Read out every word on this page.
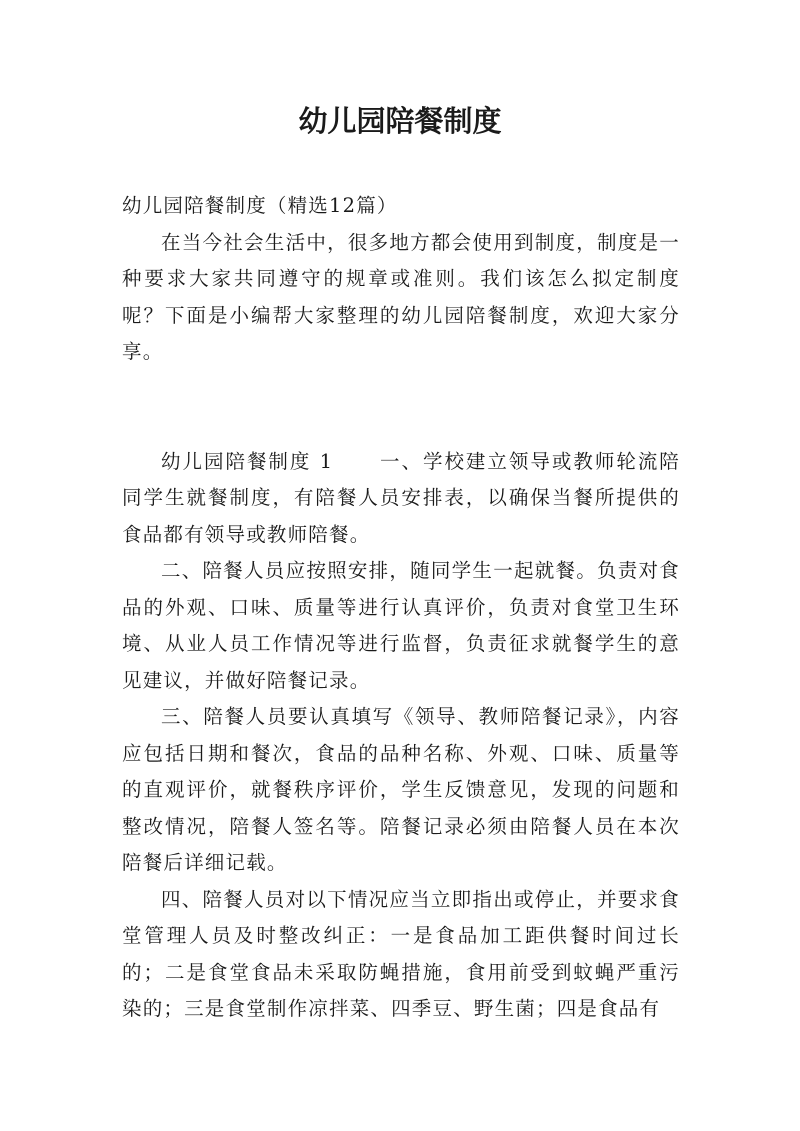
幼儿园陪餐制度

幼儿园陪餐制度（精选12篇）

在当今社会生活中，很多地方都会使用到制度，制度是一种要求大家共同遵守的规章或准则。我们该怎么拟定制度呢？下面是小编帮大家整理的幼儿园陪餐制度，欢迎大家分享。

幼儿园陪餐制度 1 一、学校建立领导或教师轮流陪同学生就餐制度，有陪餐人员安排表，以确保当餐所提供的食品都有领导或教师陪餐。

二、陪餐人员应按照安排，随同学生一起就餐。负责对食品的外观、口味、质量等进行认真评价，负责对食堂卫生环境、从业人员工作情况等进行监督，负责征求就餐学生的意见建议，并做好陪餐记录。

三、陪餐人员要认真填写《领导、教师陪餐记录》，内容应包括日期和餐次，食品的品种名称、外观、口味、质量等的直观评价，就餐秩序评价，学生反馈意见，发现的问题和整改情况，陪餐人签名等。陪餐记录必须由陪餐人员在本次陪餐后详细记载。

四、陪餐人员对以下情况应当立即指出或停止，并要求食堂管理人员及时整改纠正：一是食品加工距供餐时间过长的；二是食堂食品未采取防蝇措施，食用前受到蚊蝇严重污染的；三是食堂制作凉拌菜、四季豆、野生菌；四是食品有
